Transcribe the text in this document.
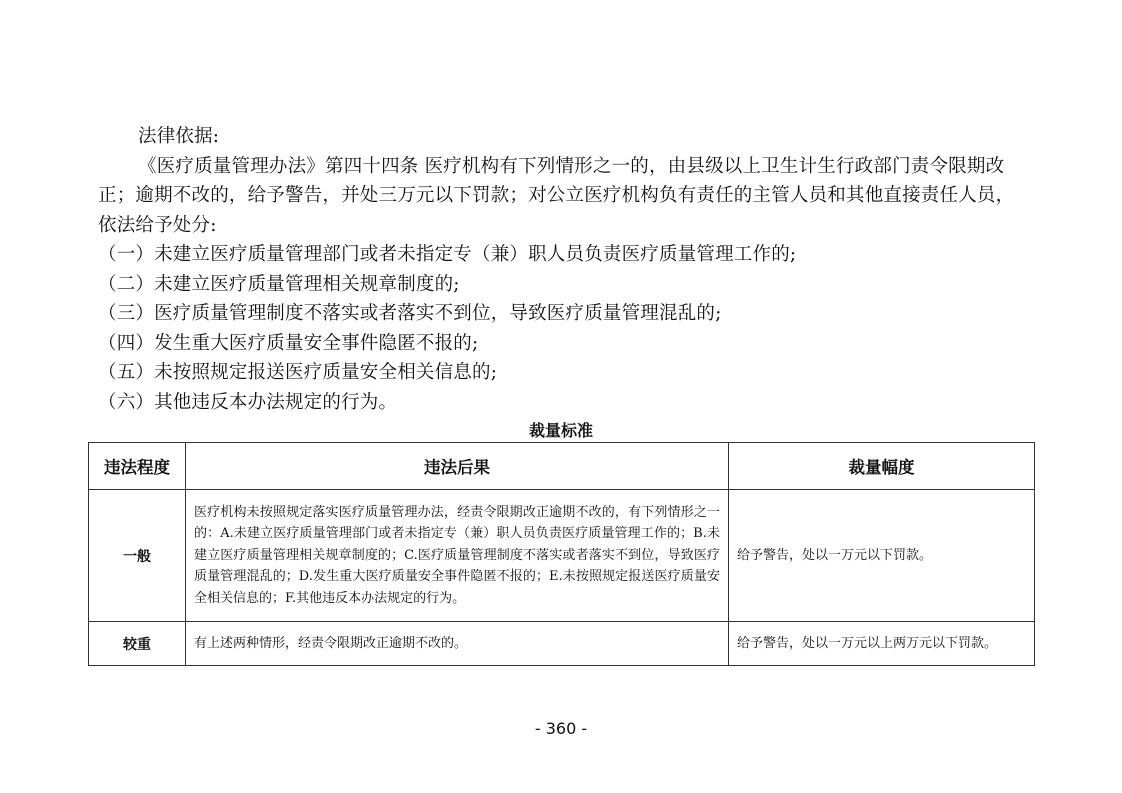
法律依据:

《医疗质量管理办法》第四十四条 医疗机构有下列情形之一的，由县级以上卫生计生行政部门责令限期改正；逾期不改的，给予警告，并处三万元以下罚款；对公立医疗机构负有责任的主管人员和其他直接责任人员，依法给予处分:

（一）未建立医疗质量管理部门或者未指定专（兼）职人员负责医疗质量管理工作的;

（二）未建立医疗质量管理相关规章制度的;

（三）医疗质量管理制度不落实或者落实不到位，导致医疗质量管理混乱的;

（四）发生重大医疗质量安全事件隐匿不报的;

（五）未按照规定报送医疗质量安全相关信息的;

（六）其他违反本办法规定的行为。

裁量标准
违法程度	违法后果	裁量幅度
一般	医疗机构未按照规定落实医疗质量管理办法，经责令限期改正逾期不改的，有下列情形之一的：A.未建立医疗质量管理部门或者未指定专（兼）职人员负责医疗质量管理工作的；B.未建立医疗质量管理相关规章制度的；C.医疗质量管理制度不落实或者落实不到位，导致医疗质量管理混乱的；D.发生重大医疗质量安全事件隐匿不报的；E.未按照规定报送医疗质量安全相关信息的；F.其他违反本办法规定的行为。	给予警告，处以一万元以下罚款。
较重	有上述两种情形，经责令限期改正逾期不改的。	给予警告，处以一万元以上两万元以下罚款。
- 360 -
